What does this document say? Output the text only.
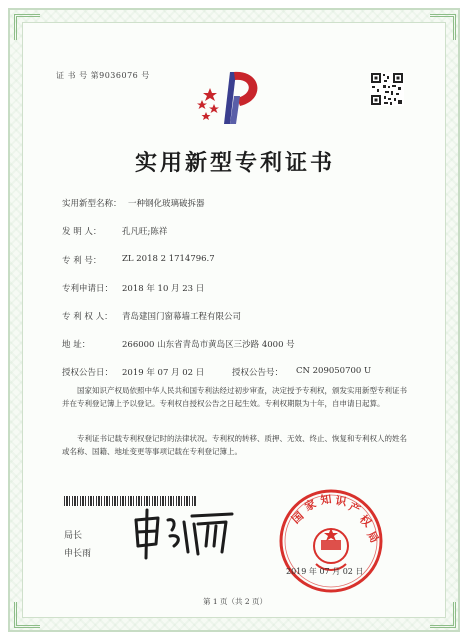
证 书 号 第9036076 号
实用新型专利证书
实用新型名称： 一种钢化玻璃破拆器
发 明 人： 孔凡旺;陈祥
专 利 号： ZL 2018 2 1714796.7
专利申请日： 2018 年 10 月 23 日
专 利 权 人： 青岛建国门窗幕墙工程有限公司
地 址：	266000 山东省青岛市黄岛区三沙路 4000 号
授权公告日： 2019 年 07 月 02 日	授权公告号： CN 209050700 U
国家知识产权局依照中华人民共和国专利法经过初步审查，决定授予专利权，颁发实用新型专利证书并在专利登记簿上予以登记。专利权自授权公告之日起生效。专利权期限为十年，自申请日起算。
专利证书记载专利权登记时的法律状况。专利权的转移、质押、无效、终止、恢复和专利权人的姓名或名称、国籍、地址变更等事项记载在专利登记簿上。
局长
申长雨
国
家 知 识 产
权
局
2019 年 07 月 02 日
第 1 页（共 2 页）
